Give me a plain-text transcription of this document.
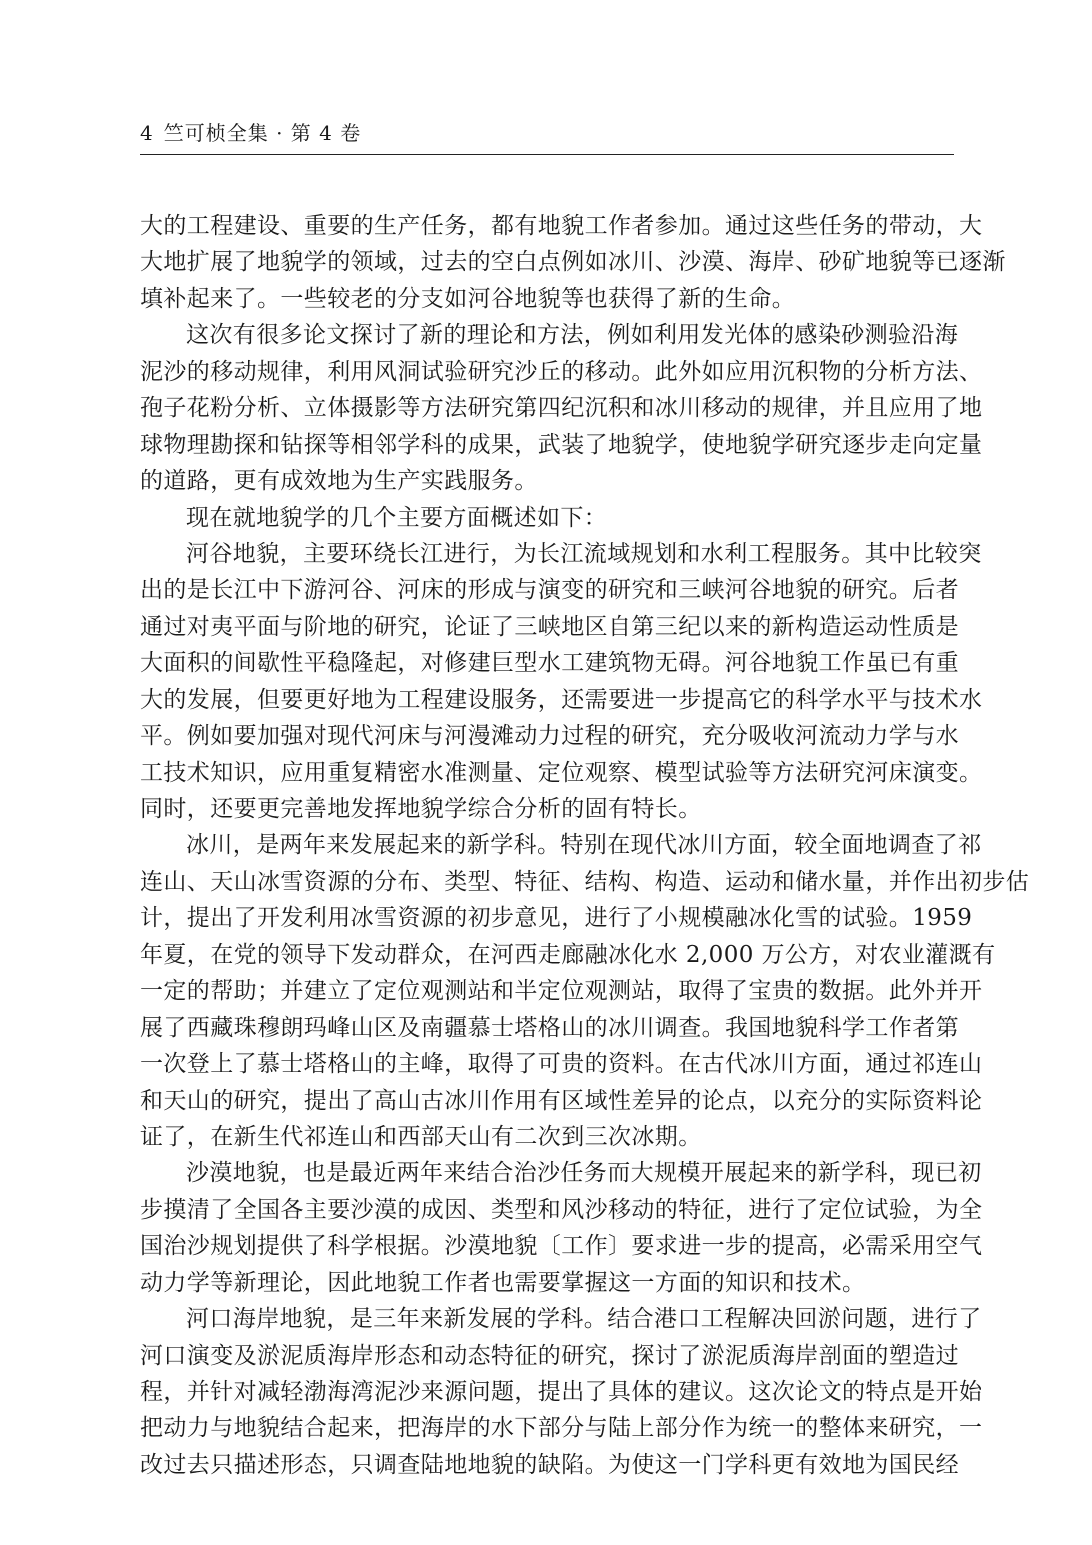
4 竺可桢全集 · 第 4 卷
大的工程建设、重要的生产任务，都有地貌工作者参加。通过这些任务的带动，大
大地扩展了地貌学的领域，过去的空白点例如冰川、沙漠、海岸、砂矿地貌等已逐渐
填补起来了。一些较老的分支如河谷地貌等也获得了新的生命。
这次有很多论文探讨了新的理论和方法，例如利用发光体的感染砂测验沿海
泥沙的移动规律，利用风洞试验研究沙丘的移动。此外如应用沉积物的分析方法、
孢子花粉分析、立体摄影等方法研究第四纪沉积和冰川移动的规律，并且应用了地
球物理勘探和钻探等相邻学科的成果，武装了地貌学，使地貌学研究逐步走向定量
的道路，更有成效地为生产实践服务。
现在就地貌学的几个主要方面概述如下：
河谷地貌，主要环绕长江进行，为长江流域规划和水利工程服务。其中比较突
出的是长江中下游河谷、河床的形成与演变的研究和三峡河谷地貌的研究。后者
通过对夷平面与阶地的研究，论证了三峡地区自第三纪以来的新构造运动性质是
大面积的间歇性平稳隆起，对修建巨型水工建筑物无碍。河谷地貌工作虽已有重
大的发展，但要更好地为工程建设服务，还需要进一步提高它的科学水平与技术水
平。例如要加强对现代河床与河漫滩动力过程的研究，充分吸收河流动力学与水
工技术知识，应用重复精密水准测量、定位观察、模型试验等方法研究河床演变。
同时，还要更完善地发挥地貌学综合分析的固有特长。
冰川，是两年来发展起来的新学科。特别在现代冰川方面，较全面地调查了祁
连山、天山冰雪资源的分布、类型、特征、结构、构造、运动和储水量，并作出初步估
计，提出了开发利用冰雪资源的初步意见，进行了小规模融冰化雪的试验。1959
年夏，在党的领导下发动群众，在河西走廊融冰化水 2,000 万公方，对农业灌溉有
一定的帮助；并建立了定位观测站和半定位观测站，取得了宝贵的数据。此外并开
展了西藏珠穆朗玛峰山区及南疆慕士塔格山的冰川调查。我国地貌科学工作者第
一次登上了慕士塔格山的主峰，取得了可贵的资料。在古代冰川方面，通过祁连山
和天山的研究，提出了高山古冰川作用有区域性差异的论点，以充分的实际资料论
证了，在新生代祁连山和西部天山有二次到三次冰期。
沙漠地貌，也是最近两年来结合治沙任务而大规模开展起来的新学科，现已初
步摸清了全国各主要沙漠的成因、类型和风沙移动的特征，进行了定位试验，为全
国治沙规划提供了科学根据。沙漠地貌〔工作〕要求进一步的提高，必需采用空气
动力学等新理论，因此地貌工作者也需要掌握这一方面的知识和技术。
河口海岸地貌，是三年来新发展的学科。结合港口工程解决回淤问题，进行了
河口演变及淤泥质海岸形态和动态特征的研究，探讨了淤泥质海岸剖面的塑造过
程，并针对减轻渤海湾泥沙来源问题，提出了具体的建议。这次论文的特点是开始
把动力与地貌结合起来，把海岸的水下部分与陆上部分作为统一的整体来研究，一
改过去只描述形态，只调查陆地地貌的缺陷。为使这一门学科更有效地为国民经
